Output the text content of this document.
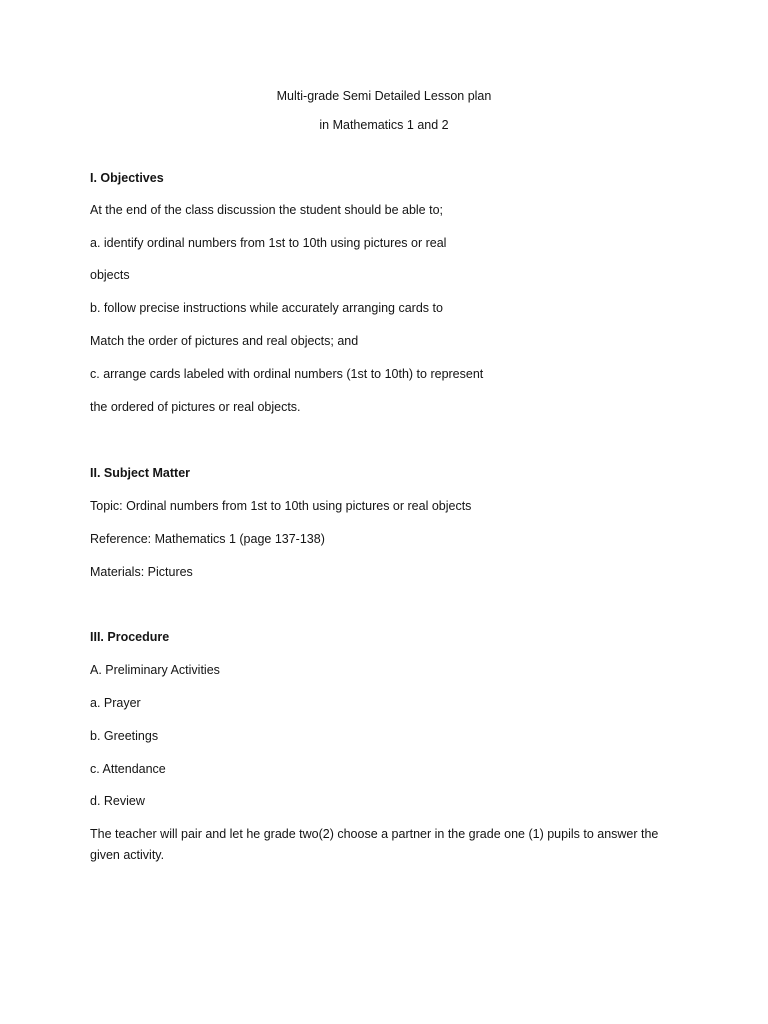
Multi-grade Semi Detailed Lesson plan
in Mathematics 1 and 2
I. Objectives
At the end of the class discussion the student should be able to;
a. identify ordinal numbers from 1st to 10th using pictures or real
objects
b. follow precise instructions while accurately arranging cards to
Match the order of pictures and real objects; and
c. arrange cards labeled with ordinal numbers (1st to 10th) to represent
the ordered of pictures or real objects.
II. Subject Matter
Topic: Ordinal numbers from 1st to 10th using pictures or real objects
Reference: Mathematics 1 (page 137-138)
Materials: Pictures
III. Procedure
A. Preliminary Activities
a. Prayer
b. Greetings
c. Attendance
d. Review
The teacher will pair and let he grade two(2) choose a partner in the grade one (1) pupils to answer the given activity.
